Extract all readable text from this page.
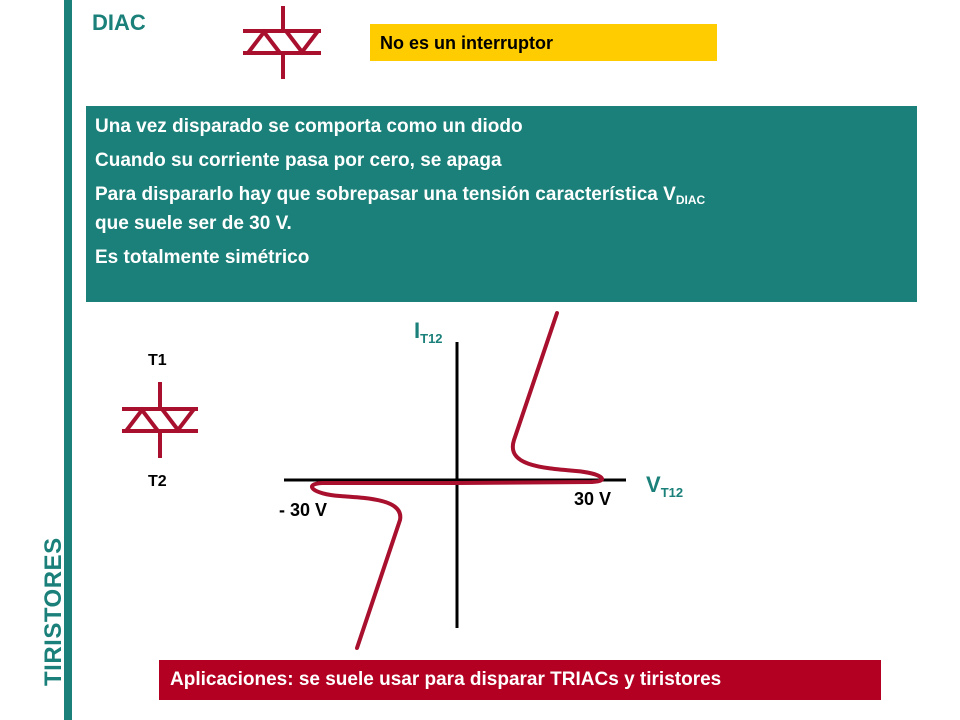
TIRISTORES
DIAC
No es un interruptor

Una vez disparado se comporta como un diodo

Cuando su corriente pasa por cero, se apaga

Para dispararlo hay que sobrepasar una tensión característica $V_{DIAC}$
que suele ser de 30 V.

Es totalmente simétrico

T1
T2
$I_{T12}$
$V_{T12}$
- 30 V
30 V
Aplicaciones: se suele usar para disparar TRIACs y tiristores
